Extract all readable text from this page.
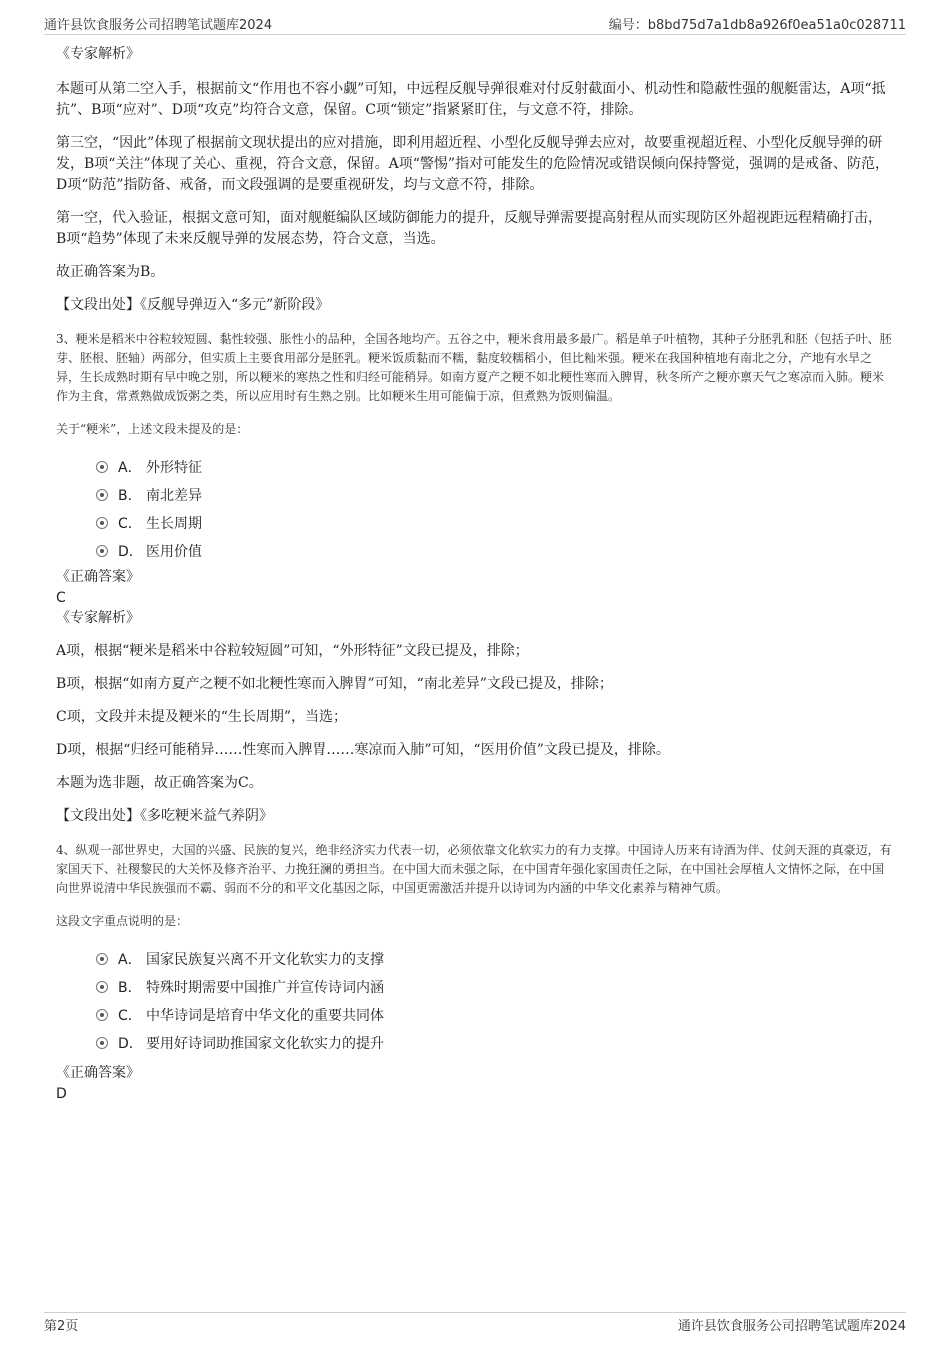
通许县饮食服务公司招聘笔试题库2024	编号：b8bd75d7a1db8a926f0ea51a0c028711

《专家解析》

本题可从第二空入手，根据前文“作用也不容小觑”可知，中远程反舰导弹很难对付反射截面小、机动性和隐蔽性强的舰艇雷达，A项“抵抗”、B项“应对”、D项“攻克”均符合文意，保留。C项“锁定”指紧紧盯住，与文意不符，排除。

第三空，“因此”体现了根据前文现状提出的应对措施，即利用超近程、小型化反舰导弹去应对，故要重视超近程、小型化反舰导弹的研发，B项“关注”体现了关心、重视，符合文意，保留。A项“警惕”指对可能发生的危险情况或错误倾向保持警觉，强调的是戒备、防范，D项“防范”指防备、戒备，而文段强调的是要重视研发，均与文意不符，排除。

第一空，代入验证，根据文意可知，面对舰艇编队区域防御能力的提升，反舰导弹需要提高射程从而实现防区外超视距远程精确打击，B项“趋势”体现了未来反舰导弹的发展态势，符合文意，当选。

故正确答案为B。

【文段出处】《反舰导弹迈入“多元”新阶段》

3、粳米是稻米中谷粒较短圆、黏性较强、胀性小的品种，全国各地均产。五谷之中，粳米食用最多最广。稻是单子叶植物，其种子分胚乳和胚（包括子叶、胚芽、胚根、胚轴）两部分，但实质上主要食用部分是胚乳。粳米饭质黏而不糯，黏度较糯稻小，但比籼米强。粳米在我国种植地有南北之分，产地有水旱之异，生长成熟时期有早中晚之别，所以粳米的寒热之性和归经可能稍异。如南方夏产之粳不如北粳性寒而入脾胃，秋冬所产之粳亦禀天气之寒凉而入肺。粳米作为主食，常煮熟做成饭粥之类，所以应用时有生熟之别。比如粳米生用可能偏于凉，但煮熟为饭则偏温。

关于“粳米”，上述文段未提及的是：

A． 外形特征
B． 南北差异
C． 生长周期
D． 医用价值

《正确答案》

C

《专家解析》

A项，根据“粳米是稻米中谷粒较短圆”可知，“外形特征”文段已提及，排除；

B项，根据“如南方夏产之粳不如北粳性寒而入脾胃”可知，“南北差异”文段已提及，排除；

C项，文段并未提及粳米的“生长周期”，当选；

D项，根据“归经可能稍异……性寒而入脾胃……寒凉而入肺”可知，“医用价值”文段已提及，排除。

本题为选非题，故正确答案为C。

【文段出处】《多吃粳米益气养阴》

4、纵观一部世界史，大国的兴盛、民族的复兴，绝非经济实力代表一切，必须依靠文化软实力的有力支撑。中国诗人历来有诗酒为伴、仗剑天涯的真豪迈，有家国天下、社稷黎民的大关怀及修齐治平、力挽狂澜的勇担当。在中国大而未强之际，在中国青年强化家国责任之际，在中国社会厚植人文情怀之际，在中国向世界说清中华民族强而不霸、弱而不分的和平文化基因之际，中国更需激活并提升以诗词为内涵的中华文化素养与精神气质。

这段文字重点说明的是：

A． 国家民族复兴离不开文化软实力的支撑
B． 特殊时期需要中国推广并宣传诗词内涵
C． 中华诗词是培育中华文化的重要共同体
D． 要用好诗词助推国家文化软实力的提升

《正确答案》

D

第2页	通许县饮食服务公司招聘笔试题库2024
